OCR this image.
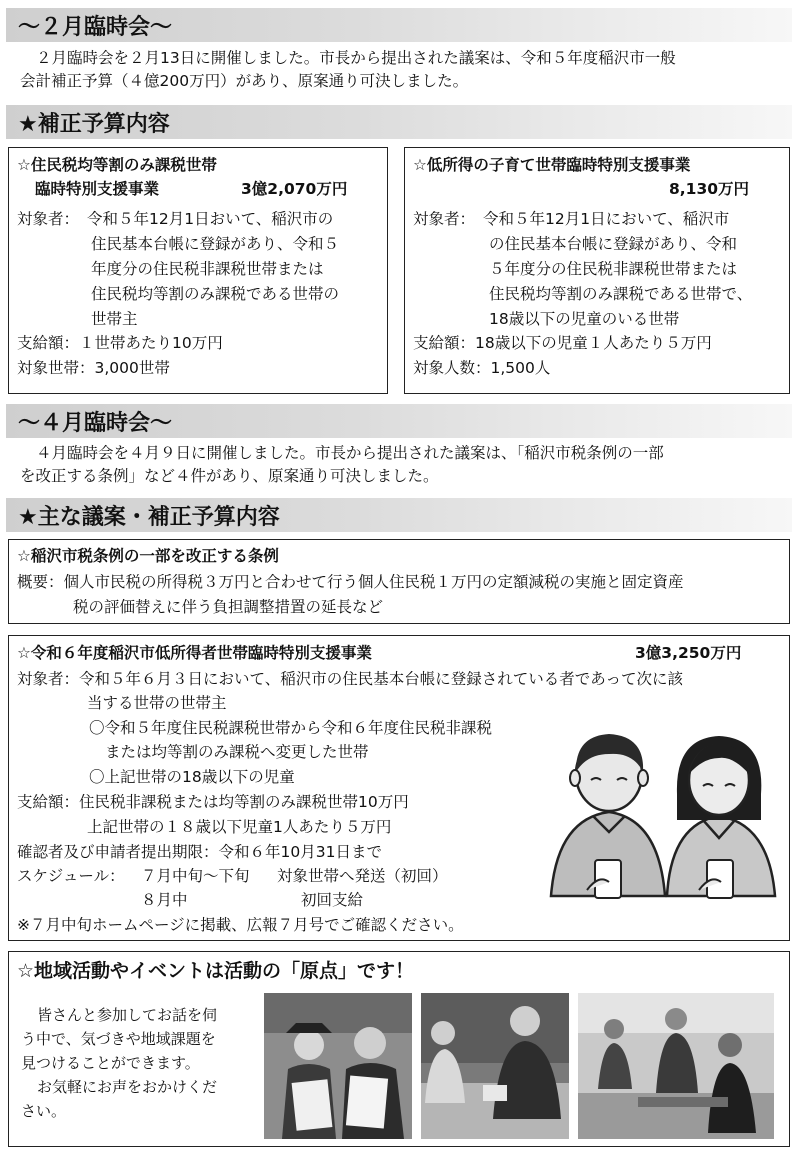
～２月臨時会～
２月臨時会を２月13日に開催しました。市長から提出された議案は、令和５年度稲沢市一般
会計補正予算（４億200万円）があり、原案通り可決しました。
★補正予算内容
☆住民税均等割のみ課税世帯
臨時特別支援事業	3億2,070万円
対象者： 令和５年12月1日おいて、稲沢市の
住民基本台帳に登録があり、令和５
年度分の住民税非課税世帯または
住民税均等割のみ課税である世帯の
世帯主
支給額：１世帯あたり10万円
対象世帯：3,000世帯
☆低所得の子育て世帯臨時特別支援事業
8,130万円
対象者： 令和５年12月1日において、稲沢市
の住民基本台帳に登録があり、令和
５年度分の住民税非課税世帯または
住民税均等割のみ課税である世帯で、
18歳以下の児童のいる世帯
支給額：18歳以下の児童１人あたり５万円
対象人数：1,500人
～４月臨時会～
４月臨時会を４月９日に開催しました。市長から提出された議案は、「稲沢市税条例の一部
を改正する条例」など４件があり、原案通り可決しました。
★主な議案・補正予算内容
☆稲沢市税条例の一部を改正する条例
概要：個人市民税の所得税３万円と合わせて行う個人住民税１万円の定額減税の実施と固定資産
税の評価替えに伴う負担調整措置の延長など
☆令和６年度稲沢市低所得者世帯臨時特別支援事業	3億3,250万円
対象者：令和５年６月３日において、稲沢市の住民基本台帳に登録されている者であって次に該
当する世帯の世帯主
〇令和５年度住民税課税世帯から令和６年度住民税非課税
または均等割のみ課税へ変更した世帯
〇上記世帯の18歳以下の児童
支給額：住民税非課税または均等割のみ課税世帯10万円
上記世帯の１８歳以下児童1人あたり５万円
確認者及び申請者提出期限：令和６年10月31日まで
スケジュール： ７月中旬～下旬 対象世帯へ発送（初回）
８月中	初回支給
※７月中旬ホームページに掲載、広報７月号でご確認ください。
☆地域活動やイベントは活動の「原点」です！
皆さんと参加してお話を伺
う中で、気づきや地域課題を
見つけることができます。
お気軽にお声をおかけくだ
さい。
